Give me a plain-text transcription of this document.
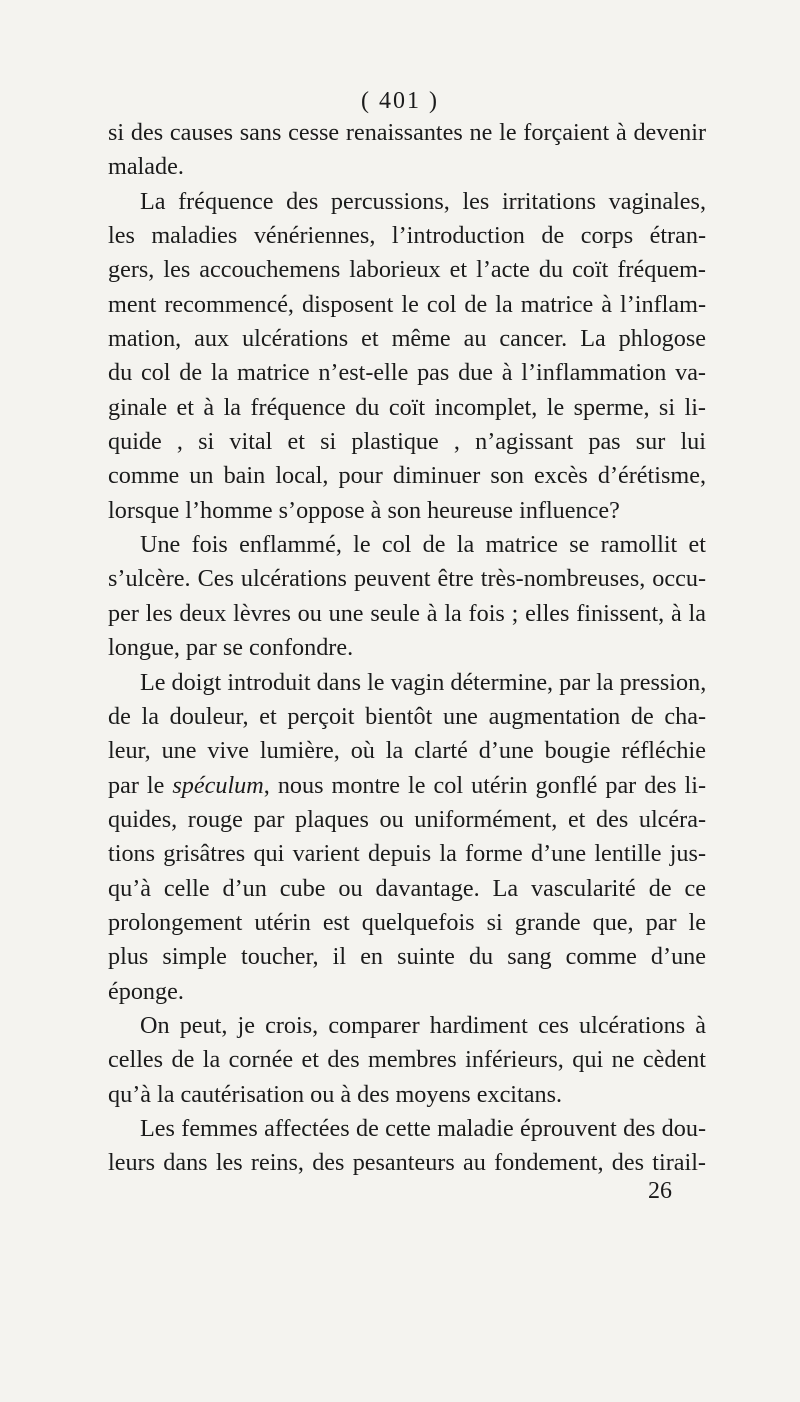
( 401 )
si des causes sans cesse renaissantes ne le forçaient à devenir
malade.
La fréquence des percussions, les irritations vaginales,
les maladies vénériennes, l’introduction de corps étran-
gers, les accouchemens laborieux et l’acte du coït fréquem-
ment recommencé, disposent le col de la matrice à l’inflam-
mation, aux ulcérations et même au cancer. La phlogose
du col de la matrice n’est-elle pas due à l’inflammation va-
ginale et à la fréquence du coït incomplet, le sperme, si li-
quide , si vital et si plastique , n’agissant pas sur lui
comme un bain local, pour diminuer son excès d’érétisme,
lorsque l’homme s’oppose à son heureuse influence?
Une fois enflammé, le col de la matrice se ramollit et
s’ulcère. Ces ulcérations peuvent être très-nombreuses, occu-
per les deux lèvres ou une seule à la fois ; elles finissent, à la
longue, par se confondre.
Le doigt introduit dans le vagin détermine, par la pression,
de la douleur, et perçoit bientôt une augmentation de cha-
leur, une vive lumière, où la clarté d’une bougie réfléchie
par le spéculum, nous montre le col utérin gonflé par des li-
quides, rouge par plaques ou uniformément, et des ulcéra-
tions grisâtres qui varient depuis la forme d’une lentille jus-
qu’à celle d’un cube ou davantage. La vascularité de ce
prolongement utérin est quelquefois si grande que, par le
plus simple toucher, il en suinte du sang comme d’une
éponge.
On peut, je crois, comparer hardiment ces ulcérations à
celles de la cornée et des membres inférieurs, qui ne cèdent
qu’à la cautérisation ou à des moyens excitans.
Les femmes affectées de cette maladie éprouvent des dou-
leurs dans les reins, des pesanteurs au fondement, des tirail-
26
